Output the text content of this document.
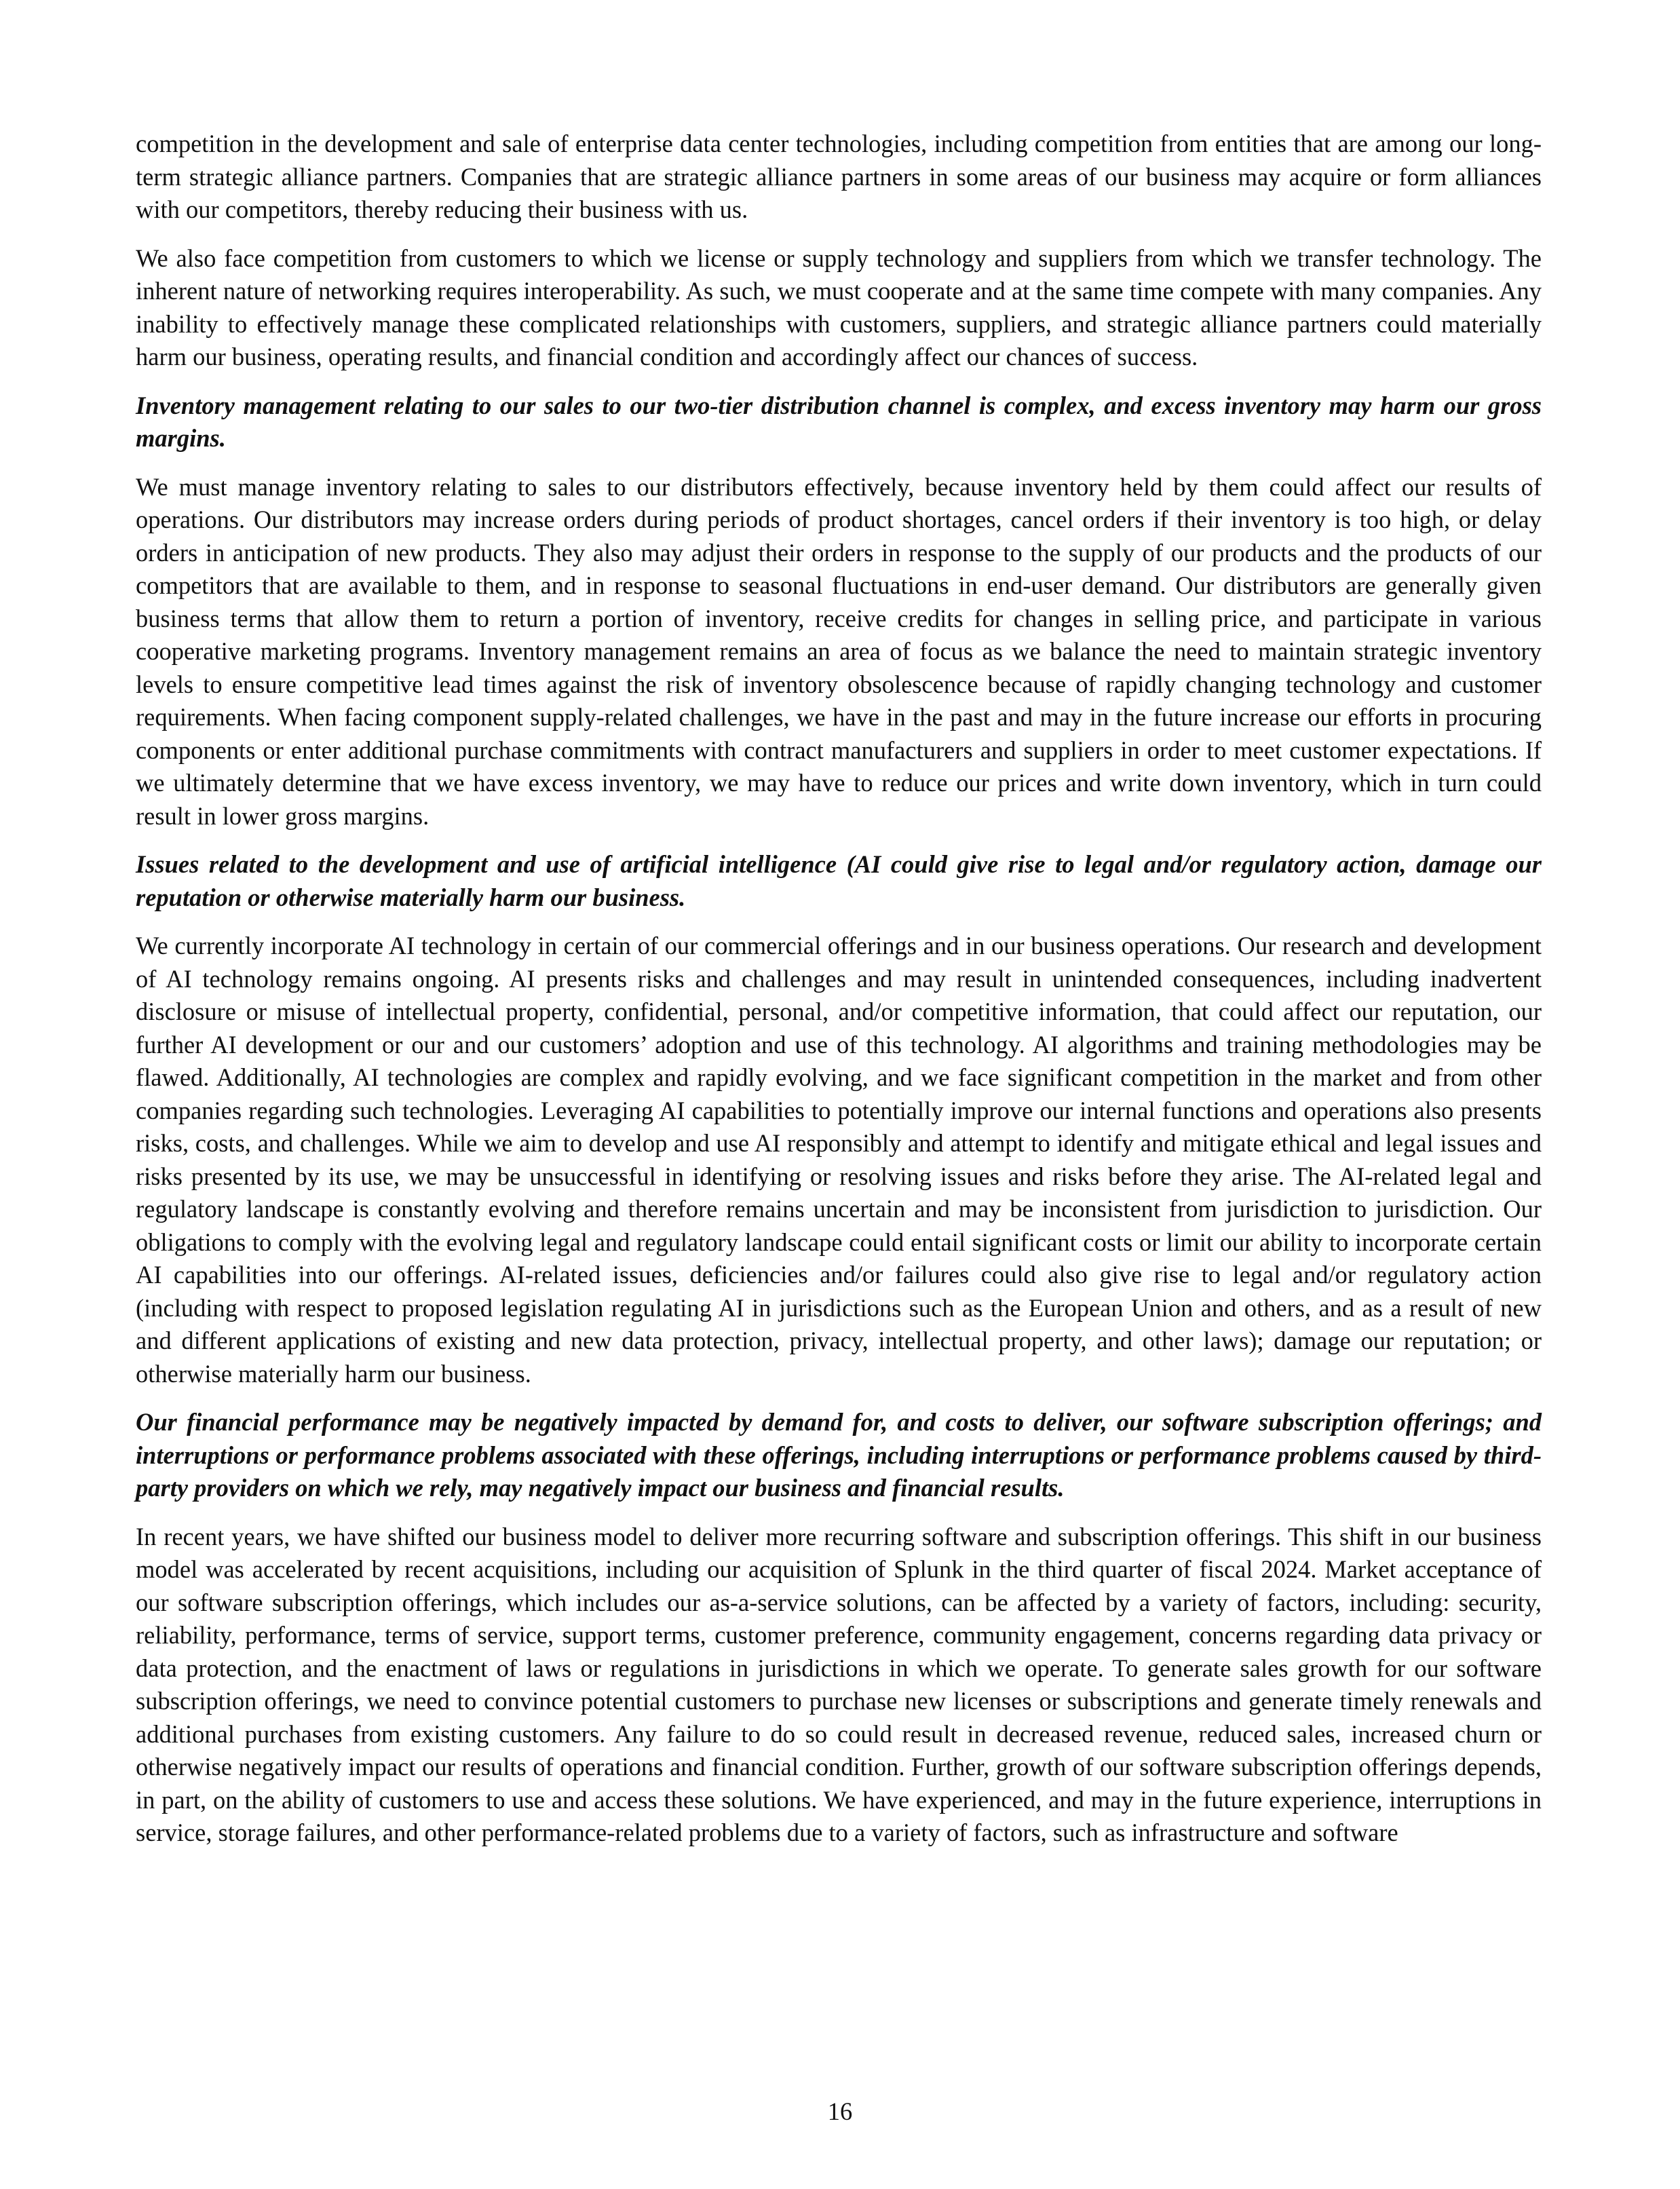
competition in the development and sale of enterprise data center technologies, including competition from entities that are among our long-term strategic alliance partners. Companies that are strategic alliance partners in some areas of our business may acquire or form alliances with our competitors, thereby reducing their business with us.

We also face competition from customers to which we license or supply technology and suppliers from which we transfer technology. The inherent nature of networking requires interoperability. As such, we must cooperate and at the same time compete with many companies. Any inability to effectively manage these complicated relationships with customers, suppliers, and strategic alliance partners could materially harm our business, operating results, and financial condition and accordingly affect our chances of success.

Inventory management relating to our sales to our two-tier distribution channel is complex, and excess inventory may harm our gross margins.

We must manage inventory relating to sales to our distributors effectively, because inventory held by them could affect our results of operations. Our distributors may increase orders during periods of product shortages, cancel orders if their inventory is too high, or delay orders in anticipation of new products. They also may adjust their orders in response to the supply of our products and the products of our competitors that are available to them, and in response to seasonal fluctuations in end-user demand. Our distributors are generally given business terms that allow them to return a portion of inventory, receive credits for changes in selling price, and participate in various cooperative marketing programs. Inventory management remains an area of focus as we balance the need to maintain strategic inventory levels to ensure competitive lead times against the risk of inventory obsolescence because of rapidly changing technology and customer requirements. When facing component supply-related challenges, we have in the past and may in the future increase our efforts in procuring components or enter additional purchase commitments with contract manufacturers and suppliers in order to meet customer expectations. If we ultimately determine that we have excess inventory, we may have to reduce our prices and write down inventory, which in turn could result in lower gross margins.

Issues related to the development and use of artificial intelligence (AI could give rise to legal and/or regulatory action, damage our reputation or otherwise materially harm our business.

We currently incorporate AI technology in certain of our commercial offerings and in our business operations. Our research and development of AI technology remains ongoing. AI presents risks and challenges and may result in unintended consequences, including inadvertent disclosure or misuse of intellectual property, confidential, personal, and/or competitive information, that could affect our reputation, our further AI development or our and our customers’ adoption and use of this technology. AI algorithms and training methodologies may be flawed. Additionally, AI technologies are complex and rapidly evolving, and we face significant competition in the market and from other companies regarding such technologies. Leveraging AI capabilities to potentially improve our internal functions and operations also presents risks, costs, and challenges. While we aim to develop and use AI responsibly and attempt to identify and mitigate ethical and legal issues and risks presented by its use, we may be unsuccessful in identifying or resolving issues and risks before they arise. The AI-related legal and regulatory landscape is constantly evolving and therefore remains uncertain and may be inconsistent from jurisdiction to jurisdiction. Our obligations to comply with the evolving legal and regulatory landscape could entail significant costs or limit our ability to incorporate certain AI capabilities into our offerings. AI-related issues, deficiencies and/or failures could also give rise to legal and/or regulatory action (including with respect to proposed legislation regulating AI in jurisdictions such as the European Union and others, and as a result of new and different applications of existing and new data protection, privacy, intellectual property, and other laws); damage our reputation; or otherwise materially harm our business.

Our financial performance may be negatively impacted by demand for, and costs to deliver, our software subscription offerings; and interruptions or performance problems associated with these offerings, including interruptions or performance problems caused by third-party providers on which we rely, may negatively impact our business and financial results.

In recent years, we have shifted our business model to deliver more recurring software and subscription offerings. This shift in our business model was accelerated by recent acquisitions, including our acquisition of Splunk in the third quarter of fiscal 2024. Market acceptance of our software subscription offerings, which includes our as-a-service solutions, can be affected by a variety of factors, including: security, reliability, performance, terms of service, support terms, customer preference, community engagement, concerns regarding data privacy or data protection, and the enactment of laws or regulations in jurisdictions in which we operate. To generate sales growth for our software subscription offerings, we need to convince potential customers to purchase new licenses or subscriptions and generate timely renewals and additional purchases from existing customers. Any failure to do so could result in decreased revenue, reduced sales, increased churn or otherwise negatively impact our results of operations and financial condition. Further, growth of our software subscription offerings depends, in part, on the ability of customers to use and access these solutions. We have experienced, and may in the future experience, interruptions in service, storage failures, and other performance-related problems due to a variety of factors, such as infrastructure and software

16
